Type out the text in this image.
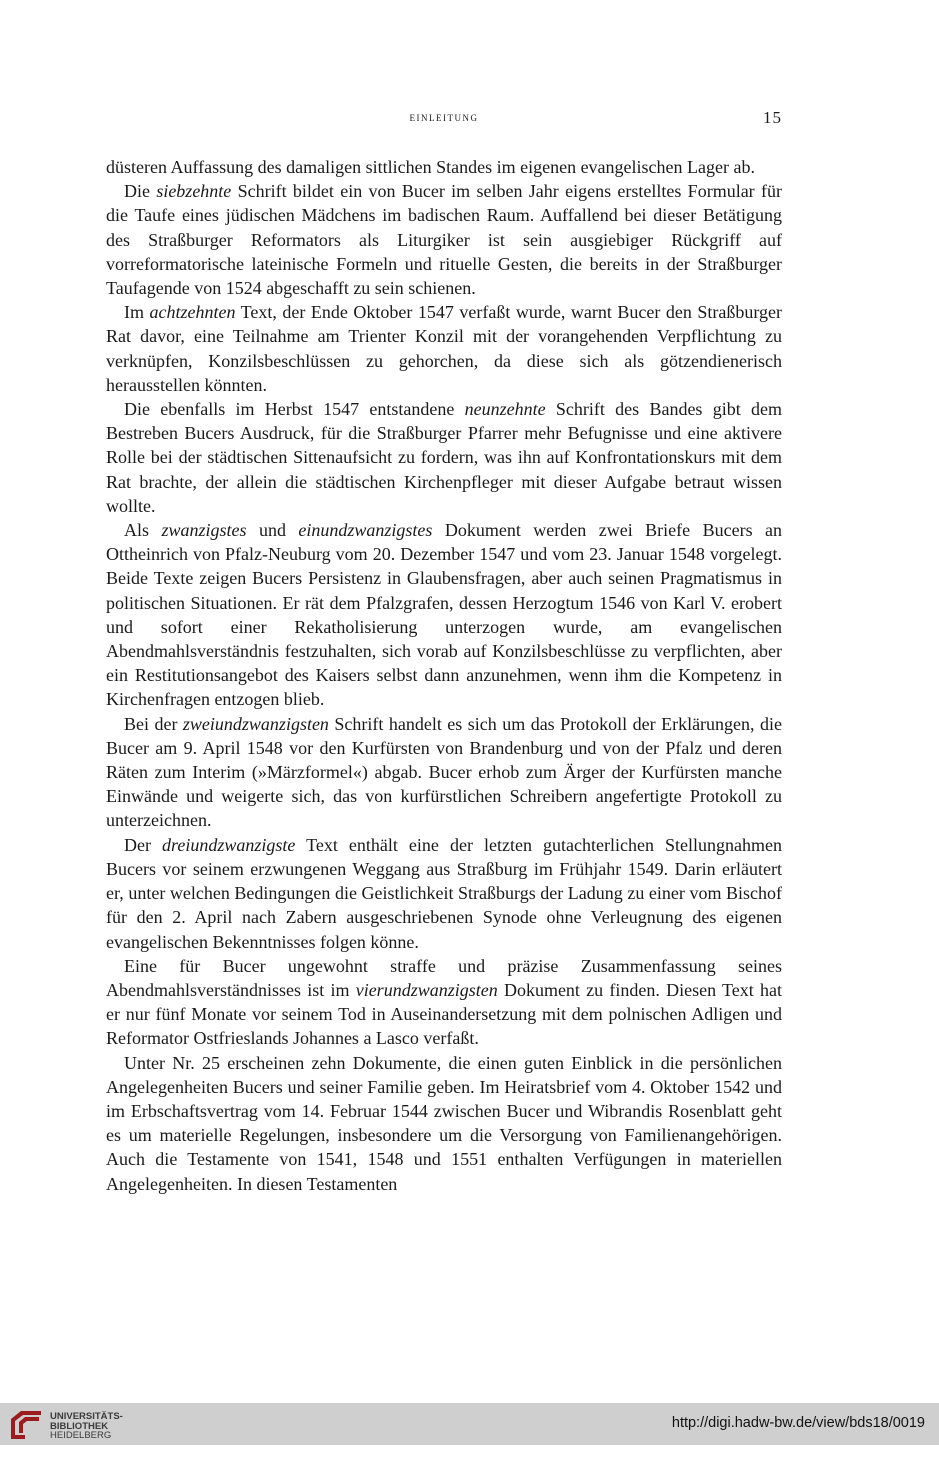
einleitung	15

düsteren Auffassung des damaligen sittlichen Standes im eigenen evangelischen Lager ab.

Die siebzehnte Schrift bildet ein von Bucer im selben Jahr eigens erstelltes Formular für die Taufe eines jüdischen Mädchens im badischen Raum. Auffallend bei dieser Betätigung des Straßburger Reformators als Liturgiker ist sein ausgiebiger Rückgriff auf vorreformatorische lateinische Formeln und rituelle Gesten, die bereits in der Straßburger Taufagende von 1524 abgeschafft zu sein schienen.

Im achtzehnten Text, der Ende Oktober 1547 verfaßt wurde, warnt Bucer den Straßburger Rat davor, eine Teilnahme am Trienter Konzil mit der vorangehenden Verpflichtung zu verknüpfen, Konzilsbeschlüssen zu gehorchen, da diese sich als götzendienerisch herausstellen könnten.

Die ebenfalls im Herbst 1547 entstandene neunzehnte Schrift des Bandes gibt dem Bestreben Bucers Ausdruck, für die Straßburger Pfarrer mehr Befugnisse und eine aktivere Rolle bei der städtischen Sittenaufsicht zu fordern, was ihn auf Konfrontationskurs mit dem Rat brachte, der allein die städtischen Kirchenpfleger mit dieser Aufgabe betraut wissen wollte.

Als zwanzigstes und einundzwanzigstes Dokument werden zwei Briefe Bucers an Ottheinrich von Pfalz-Neuburg vom 20. Dezember 1547 und vom 23. Januar 1548 vorgelegt. Beide Texte zeigen Bucers Persistenz in Glaubensfragen, aber auch seinen Pragmatismus in politischen Situationen. Er rät dem Pfalzgrafen, dessen Herzogtum 1546 von Karl V. erobert und sofort einer Rekatholisierung unterzogen wurde, am evangelischen Abendmahlsverständnis festzuhalten, sich vorab auf Konzilsbeschlüsse zu verpflichten, aber ein Restitutionsangebot des Kaisers selbst dann anzunehmen, wenn ihm die Kompetenz in Kirchenfragen entzogen blieb.

Bei der zweiundzwanzigsten Schrift handelt es sich um das Protokoll der Erklärungen, die Bucer am 9. April 1548 vor den Kurfürsten von Brandenburg und von der Pfalz und deren Räten zum Interim (»Märzformel«) abgab. Bucer erhob zum Ärger der Kurfürsten manche Einwände und weigerte sich, das von kurfürstlichen Schreibern angefertigte Protokoll zu unterzeichnen.

Der dreiundzwanzigste Text enthält eine der letzten gutachterlichen Stellungnahmen Bucers vor seinem erzwungenen Weggang aus Straßburg im Frühjahr 1549. Darin erläutert er, unter welchen Bedingungen die Geistlichkeit Straßburgs der Ladung zu einer vom Bischof für den 2. April nach Zabern ausgeschriebenen Synode ohne Verleugnung des eigenen evangelischen Bekenntnisses folgen könne.

Eine für Bucer ungewohnt straffe und präzise Zusammenfassung seines Abendmahlsverständnisses ist im vierundzwanzigsten Dokument zu finden. Diesen Text hat er nur fünf Monate vor seinem Tod in Auseinandersetzung mit dem polnischen Adligen und Reformator Ostfrieslands Johannes a Lasco verfaßt.

Unter Nr. 25 erscheinen zehn Dokumente, die einen guten Einblick in die persönlichen Angelegenheiten Bucers und seiner Familie geben. Im Heiratsbrief vom 4. Oktober 1542 und im Erbschaftsvertrag vom 14. Februar 1544 zwischen Bucer und Wibrandis Rosenblatt geht es um materielle Regelungen, insbesondere um die Versorgung von Familienangehörigen. Auch die Testamente von 1541, 1548 und 1551 enthalten Verfügungen in materiellen Angelegenheiten. In diesen Testamenten

UNIVERSITÄTS-
BIBLIOTHEK
HEIDELBERG
http://digi.hadw-bw.de/view/bds18/0019
